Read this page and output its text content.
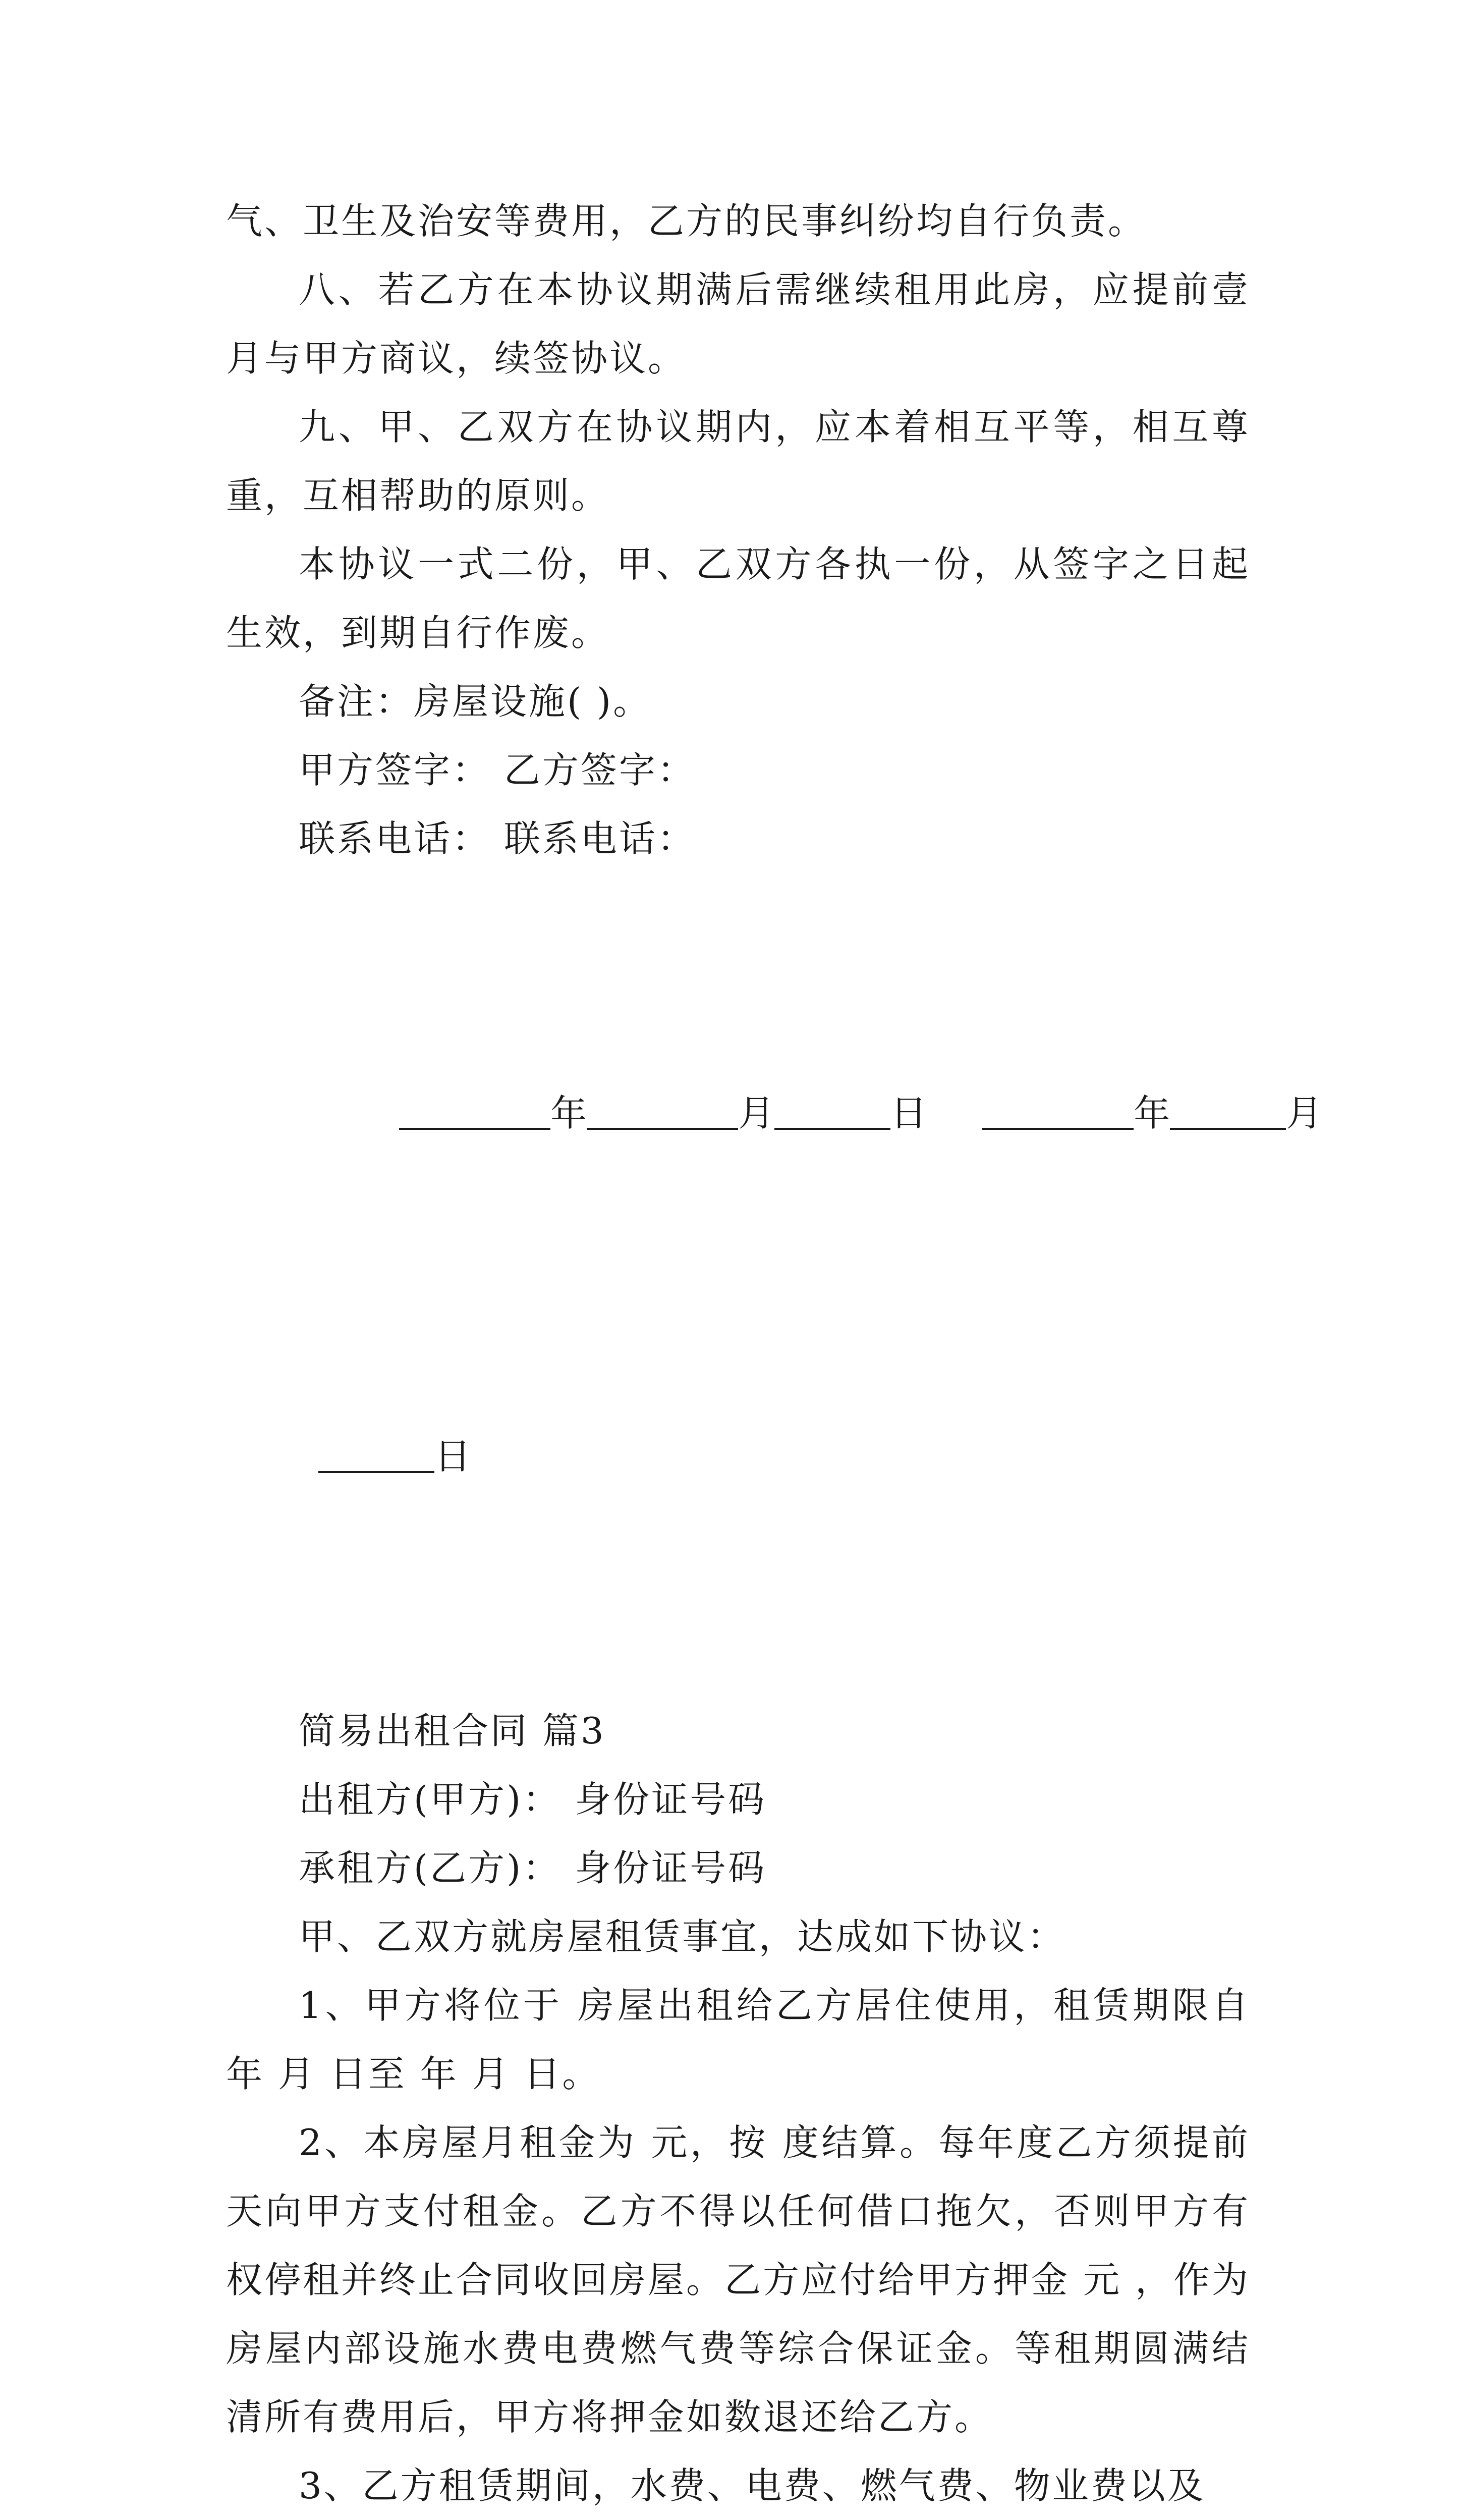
气、卫生及治安等费用，乙方的民事纠纷均自行负责。

八、若乙方在本协议期满后需继续租用此房，应提前壹月与甲方商议，续签协议。

九、甲、乙双方在协议期内，应本着相互平等，相互尊重，互相帮助的原则。

本协议一式二份，甲、乙双方各执一份，从签字之日起生效，到期自行作废。

备注：房屋设施( )。

甲方签字： 乙方签字：

联系电话： 联系电话：

年	月	日	年	月

日

简易出租合同 篇3

出租方(甲方)： 身份证号码

承租方(乙方)： 身份证号码

甲、乙双方就房屋租赁事宜，达成如下协议：

1、甲方将位于 房屋出租给乙方居住使用，租赁期限自 年 月 日至 年 月 日。

2、本房屋月租金为 元，按 度结算。每年度乙方须提前 天向甲方支付租金。乙方不得以任何借口拖欠，否则甲方有权停租并终止合同收回房屋。乙方应付给甲方押金 元 ，作为房屋内部设施水费电费燃气费等综合保证金。等租期圆满结清所有费用后，甲方将押金如数退还给乙方。

3、乙方租赁期间，水费、电费、燃气费、物业费以及
